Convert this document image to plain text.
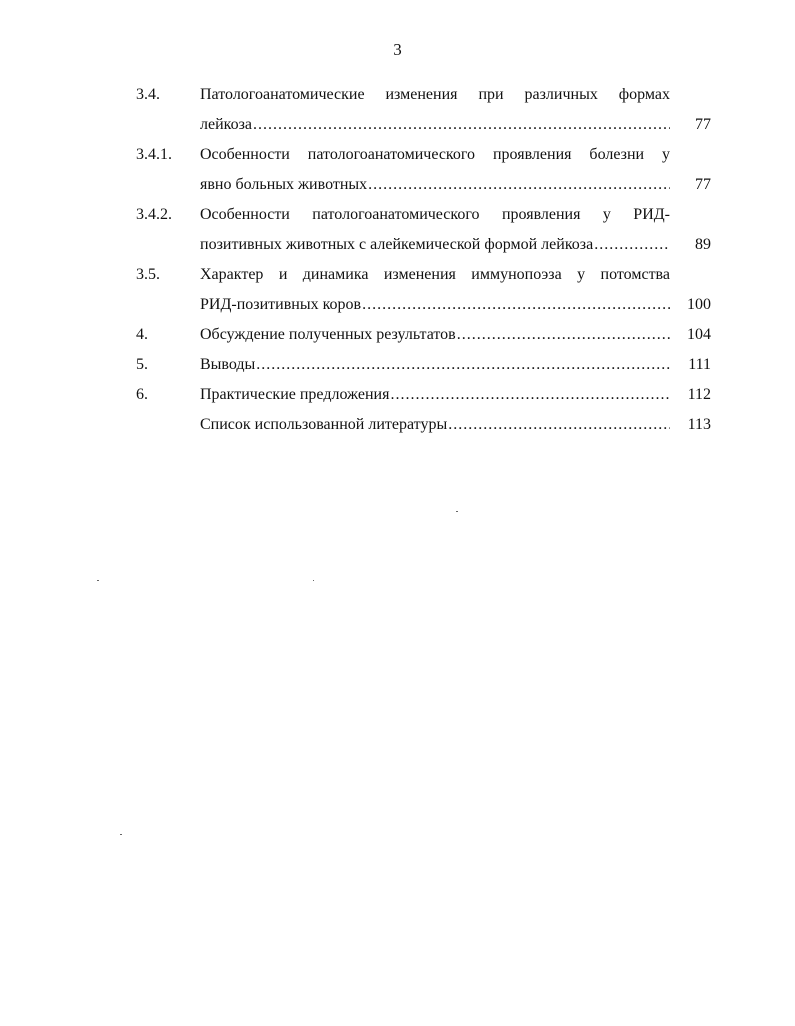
3
3.4.	Патологоанатомические изменения при различных формах
лейкоза .....	77
3.4.1. Особенности патологоанатомического проявления болезни у
явно больных животных .....	77
3.4.2. Особенности патологоанатомического проявления у РИД-
позитивных животных с алейкемической формой лейкоза .....	89
3.5.	Характер и динамика изменения иммунопоэза у потомства
РИД-позитивных коров .....	100
4.	Обсуждение полученных результатов .....	104
5.	Выводы .....	111
6.	Практические предложения .....	112
Список использованной литературы .....	113
